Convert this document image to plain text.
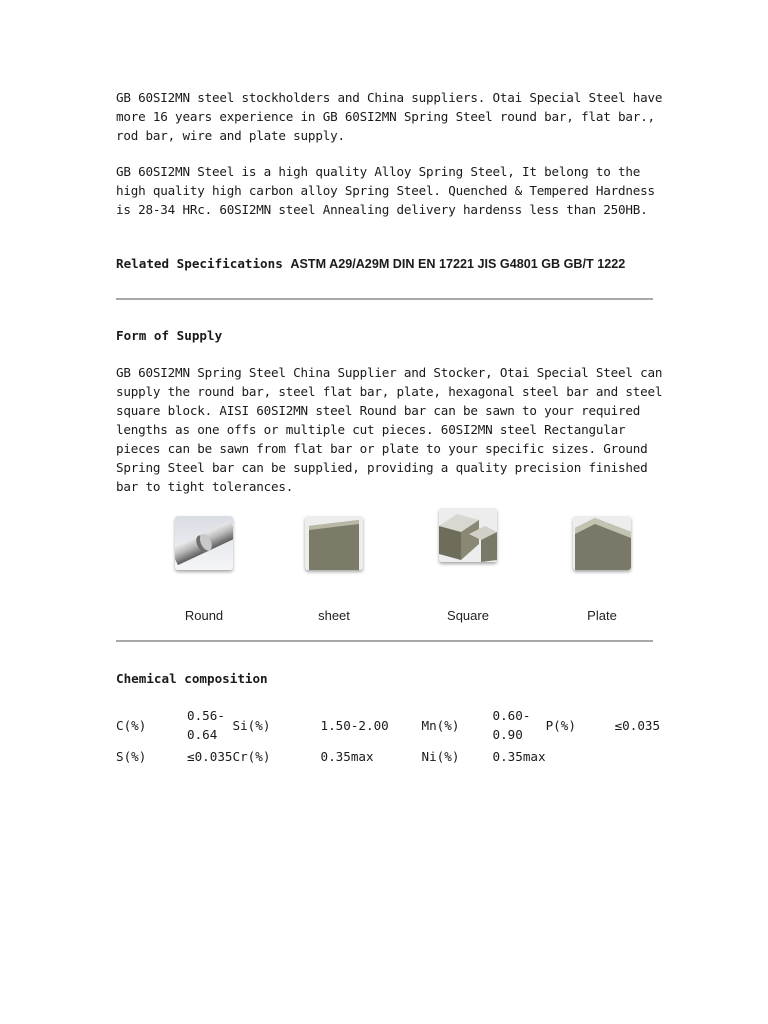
GB 60SI2MN steel stockholders and China suppliers. Otai Special Steel have more 16 years experience in GB 60SI2MN Spring Steel round bar, flat bar., rod bar, wire and plate supply.

GB 60SI2MN Steel is a high quality Alloy Spring Steel, It belong to the high quality high carbon alloy Spring Steel. Quenched & Tempered Hardness is 28-34 HRc. 60SI2MN steel Annealing delivery hardenss less than 250HB.

Related Specifications ASTM A29/A29M DIN EN 17221 JIS G4801 GB GB/T 1222
Form of Supply

GB 60SI2MN Spring Steel China Supplier and Stocker, Otai Special Steel can supply the round bar, steel flat bar, plate, hexagonal steel bar and steel square block. AISI 60SI2MN steel Round bar can be sawn to your required lengths as one offs or multiple cut pieces. 60SI2MN steel Rectangular pieces can be sawn from flat bar or plate to your specific sizes. Ground Spring Steel bar can be supplied, providing a quality precision finished bar to tight tolerances.

Round	sheet	Square	Plate
Chemical composition
C(%)	0.56-0.64	Si(%)	1.50-2.00	Mn(%)	0.60-0.90	P(%)	≤0.035
S(%)	≤0.035	Cr(%)	0.35max	Ni(%)	0.35max		
